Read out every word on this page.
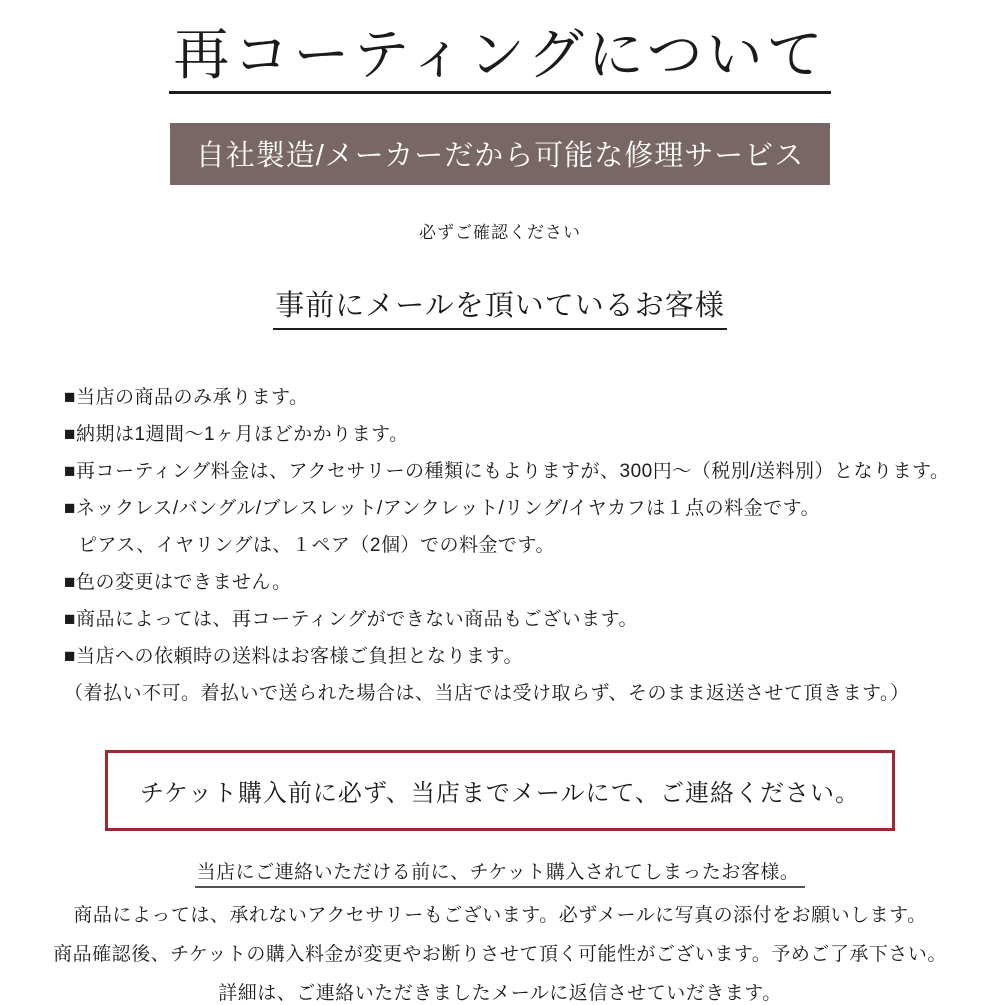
再コーティングについて
自社製造/メーカーだから可能な修理サービス
必ずご確認ください
事前にメールを頂いているお客様
■当店の商品のみ承ります。
■納期は1週間〜1ヶ月ほどかかります。
■再コーティング料金は、アクセサリーの種類にもよりますが、300円〜（税別/送料別）となります。
■ネックレス/バングル/ブレスレット/アンクレット/リング/イヤカフは１点の料金です。
ピアス、イヤリングは、１ペア（2個）での料金です。
■色の変更はできません。
■商品によっては、再コーティングができない商品もございます。
■当店への依頼時の送料はお客様ご負担となります。
（着払い不可。着払いで送られた場合は、当店では受け取らず、そのまま返送させて頂きます。）
チケット購入前に必ず、当店までメールにて、ご連絡ください。
当店にご連絡いただける前に、チケット購入されてしまったお客様。
商品によっては、承れないアクセサリーもございます。必ずメールに写真の添付をお願いします。
商品確認後、チケットの購入料金が変更やお断りさせて頂く可能性がございます。予めご了承下さい。
詳細は、ご連絡いただきましたメールに返信させていだきます。
